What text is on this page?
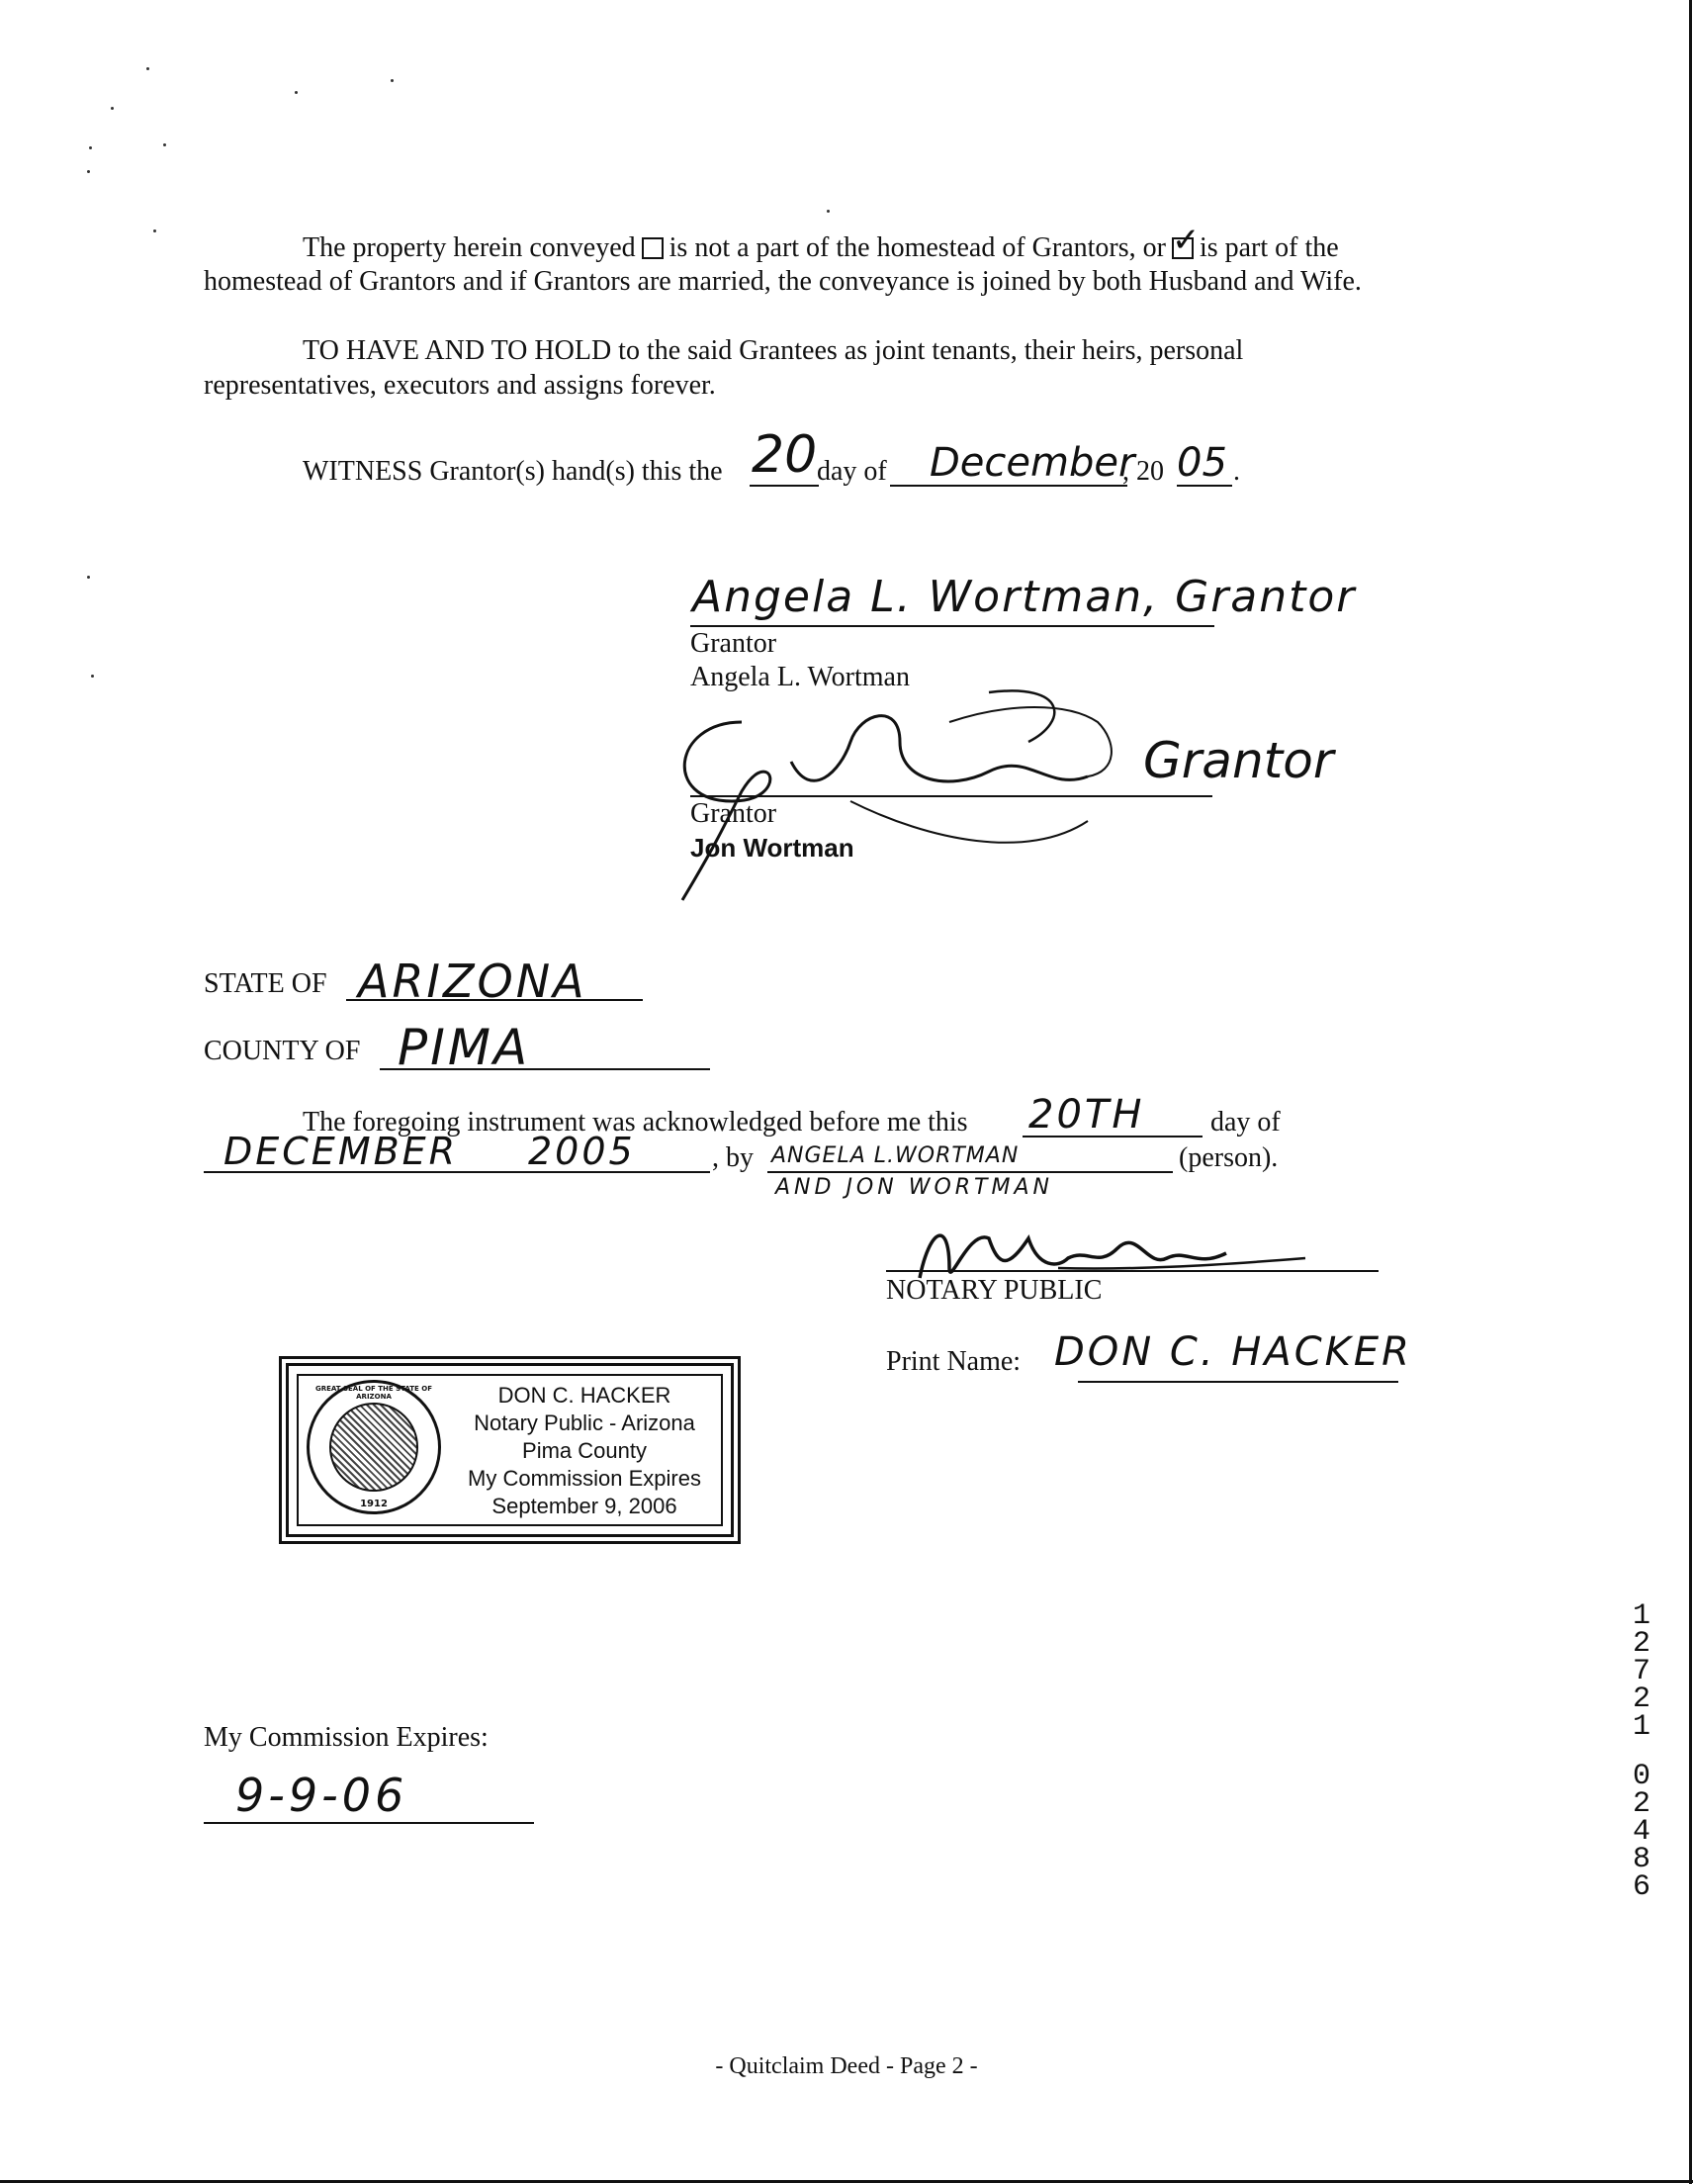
The property herein conveyed is not a part of the homestead of Grantors, or✓ is part of the
homestead of Grantors and if Grantors are married, the conveyance is joined by both Husband and Wife.
TO HAVE AND TO HOLD to the said Grantees as joint tenants, their heirs, personal
representatives, executors and assigns forever.
WITNESS Grantor(s) hand(s) this the 20 day of December
, 20 05 .
Angela L. Wortman, Grantor
Grantor
Angela L. Wortman
Grantor
Grantor
Jon Wortman
STATE OF ARIZONA
COUNTY OF PIMA
The foregoing instrument was acknowledged before me this 20TH day of
DECEMBER 2005	, by ANGELA L.WORTMAN	(person).
AND JON WORTMAN
NOTARY PUBLIC
Print Name: DON C. HACKER
GREAT SEAL OF THE STATE OF ARIZONA
1912
DON C. HACKER
Notary Public - Arizona
Pima County
My Commission Expires
September 9, 2006
My Commission Expires:
9-9-06
1
2
7
2
1
0
2
4
8
6
- Quitclaim Deed - Page 2 -
